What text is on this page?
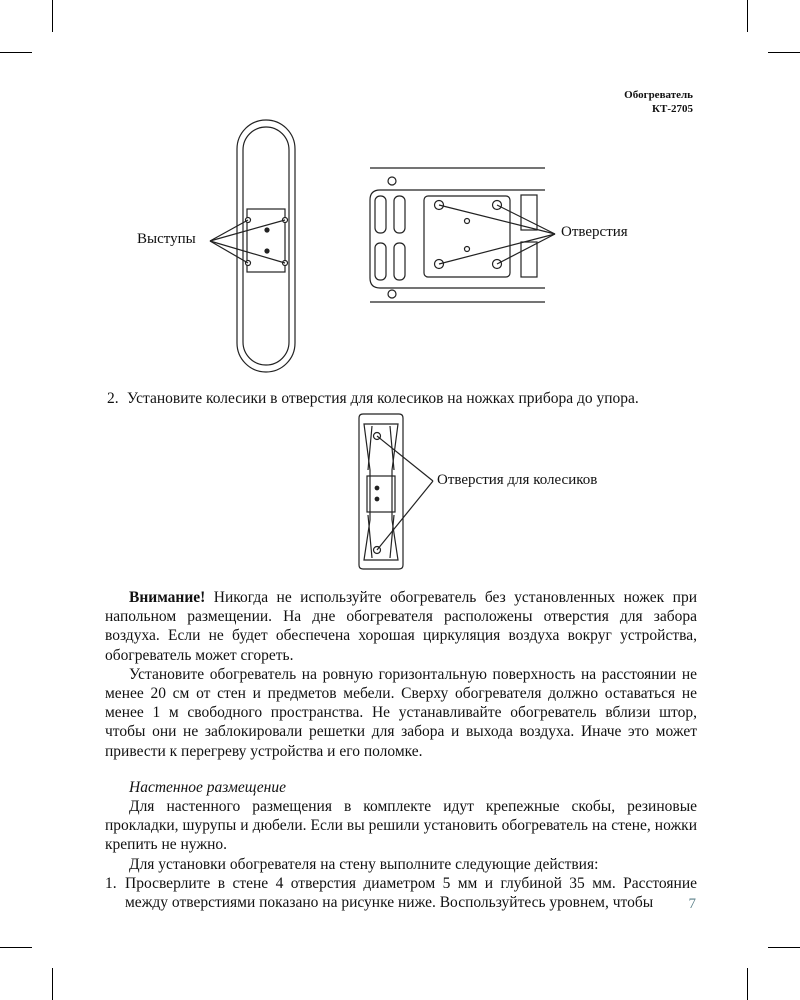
Обогреватель
КТ-2705
Выступы	Отверстия
Отверстия для колесиков
2. Установите колесики в отверстия для колесиков на ножках прибора до упора.

Внимание! Никогда не используйте обогреватель без установленных ножек при напольном размещении. На дне обогревателя расположены отверстия для забора воздуха. Если не будет обеспечена хорошая циркуляция воздуха вокруг устройства, обогреватель может сгореть.

Установите обогреватель на ровную горизонтальную поверхность на расстоянии не менее 20 см от стен и предметов мебели. Сверху обогревателя должно оставаться не менее 1 м свободного пространства. Не устанавливайте обогреватель вблизи штор, чтобы они не заблокировали решетки для забора и выхода воздуха. Иначе это может привести к перегреву устройства и его поломке.

Настенное размещение

Для настенного размещения в комплекте идут крепежные скобы, резиновые прокладки, шурупы и дюбели. Если вы решили установить обогреватель на стене, ножки крепить не нужно.

Для установки обогревателя на стену выполните следующие действия:

1. Просверлите в стене 4 отверстия диаметром 5 мм и глубиной 35 мм. Расстояние между отверстиями показано на рисунке ниже. Воспользуйтесь уровнем, чтобы	7
